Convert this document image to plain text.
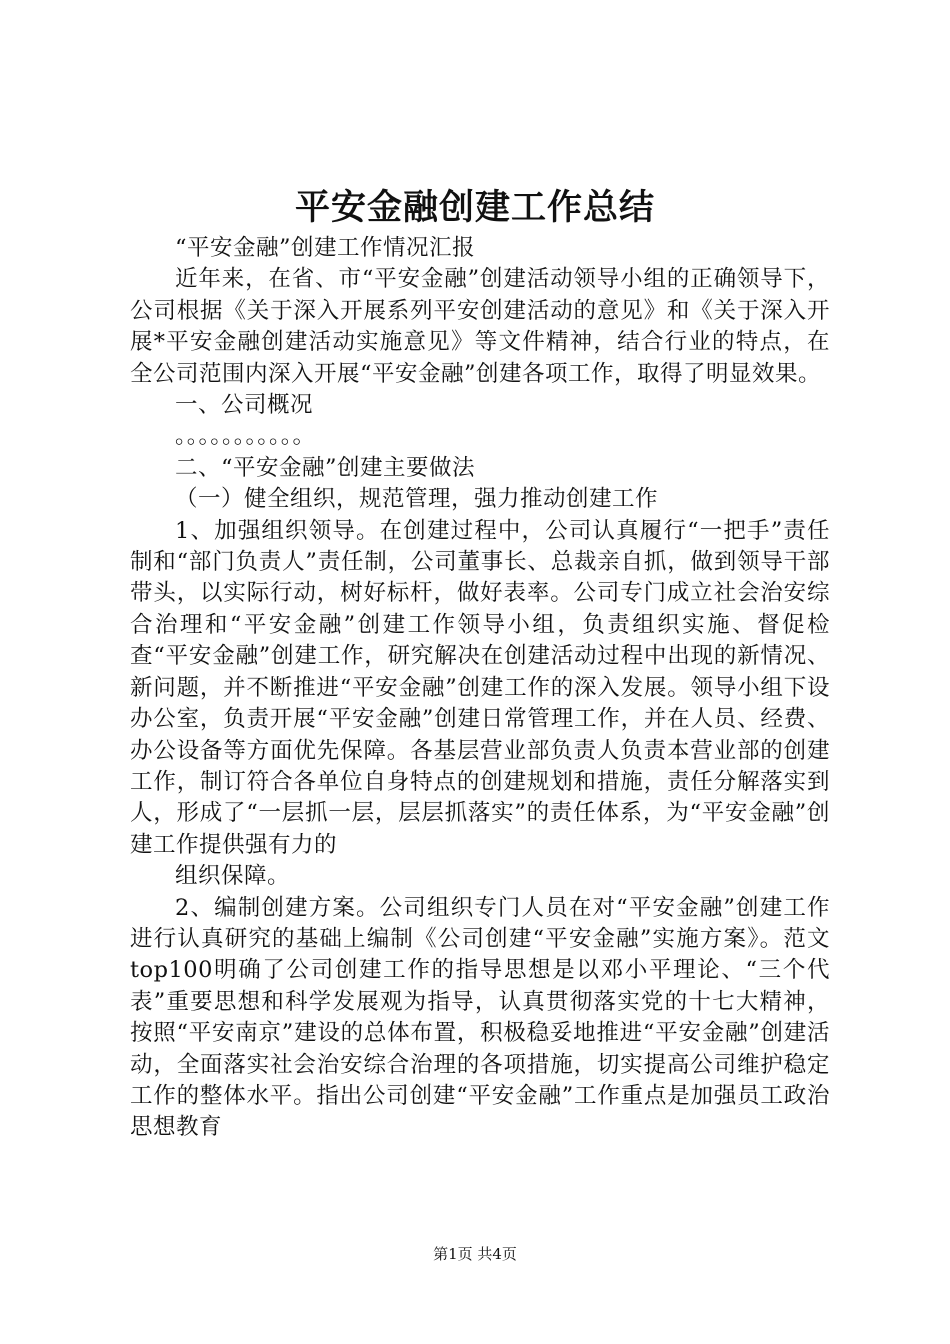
平安金融创建工作总结

“平安金融”创建工作情况汇报

近年来，在省、市“平安金融”创建活动领导小组的正确领导下，公司根据《关于深入开展系列平安创建活动的意见》和《关于深入开展*平安金融创建活动实施意见》等文件精神，结合行业的特点，在全公司范围内深入开展“平安金融”创建各项工作，取得了明显效果。

一、公司概况

。。。。。。。。。。。

二、“平安金融”创建主要做法

（一）健全组织，规范管理，强力推动创建工作

1、加强组织领导。在创建过程中，公司认真履行“一把手”责任制和“部门负责人”责任制，公司董事长、总裁亲自抓，做到领导干部带头，以实际行动，树好标杆，做好表率。公司专门成立社会治安综合治理和“平安金融”创建工作领导小组，负责组织实施、督促检查“平安金融”创建工作，研究解决在创建活动过程中出现的新情况、新问题，并不断推进“平安金融”创建工作的深入发展。领导小组下设办公室，负责开展“平安金融”创建日常管理工作，并在人员、经费、办公设备等方面优先保障。各基层营业部负责人负责本营业部的创建工作，制订符合各单位自身特点的创建规划和措施，责任分解落实到人，形成了“一层抓一层，层层抓落实”的责任体系，为“平安金融”创建工作提供强有力的

组织保障。

2、编制创建方案。公司组织专门人员在对“平安金融”创建工作进行认真研究的基础上编制《公司创建“平安金融”实施方案》。范文top100明确了公司创建工作的指导思想是以邓小平理论、“三个代表”重要思想和科学发展观为指导，认真贯彻落实党的十七大精神，按照“平安南京”建设的总体布置，积极稳妥地推进“平安金融”创建活动，全面落实社会治安综合治理的各项措施，切实提高公司维护稳定工作的整体水平。指出公司创建“平安金融”工作重点是加强员工政治思想教育

第1页 共4页
